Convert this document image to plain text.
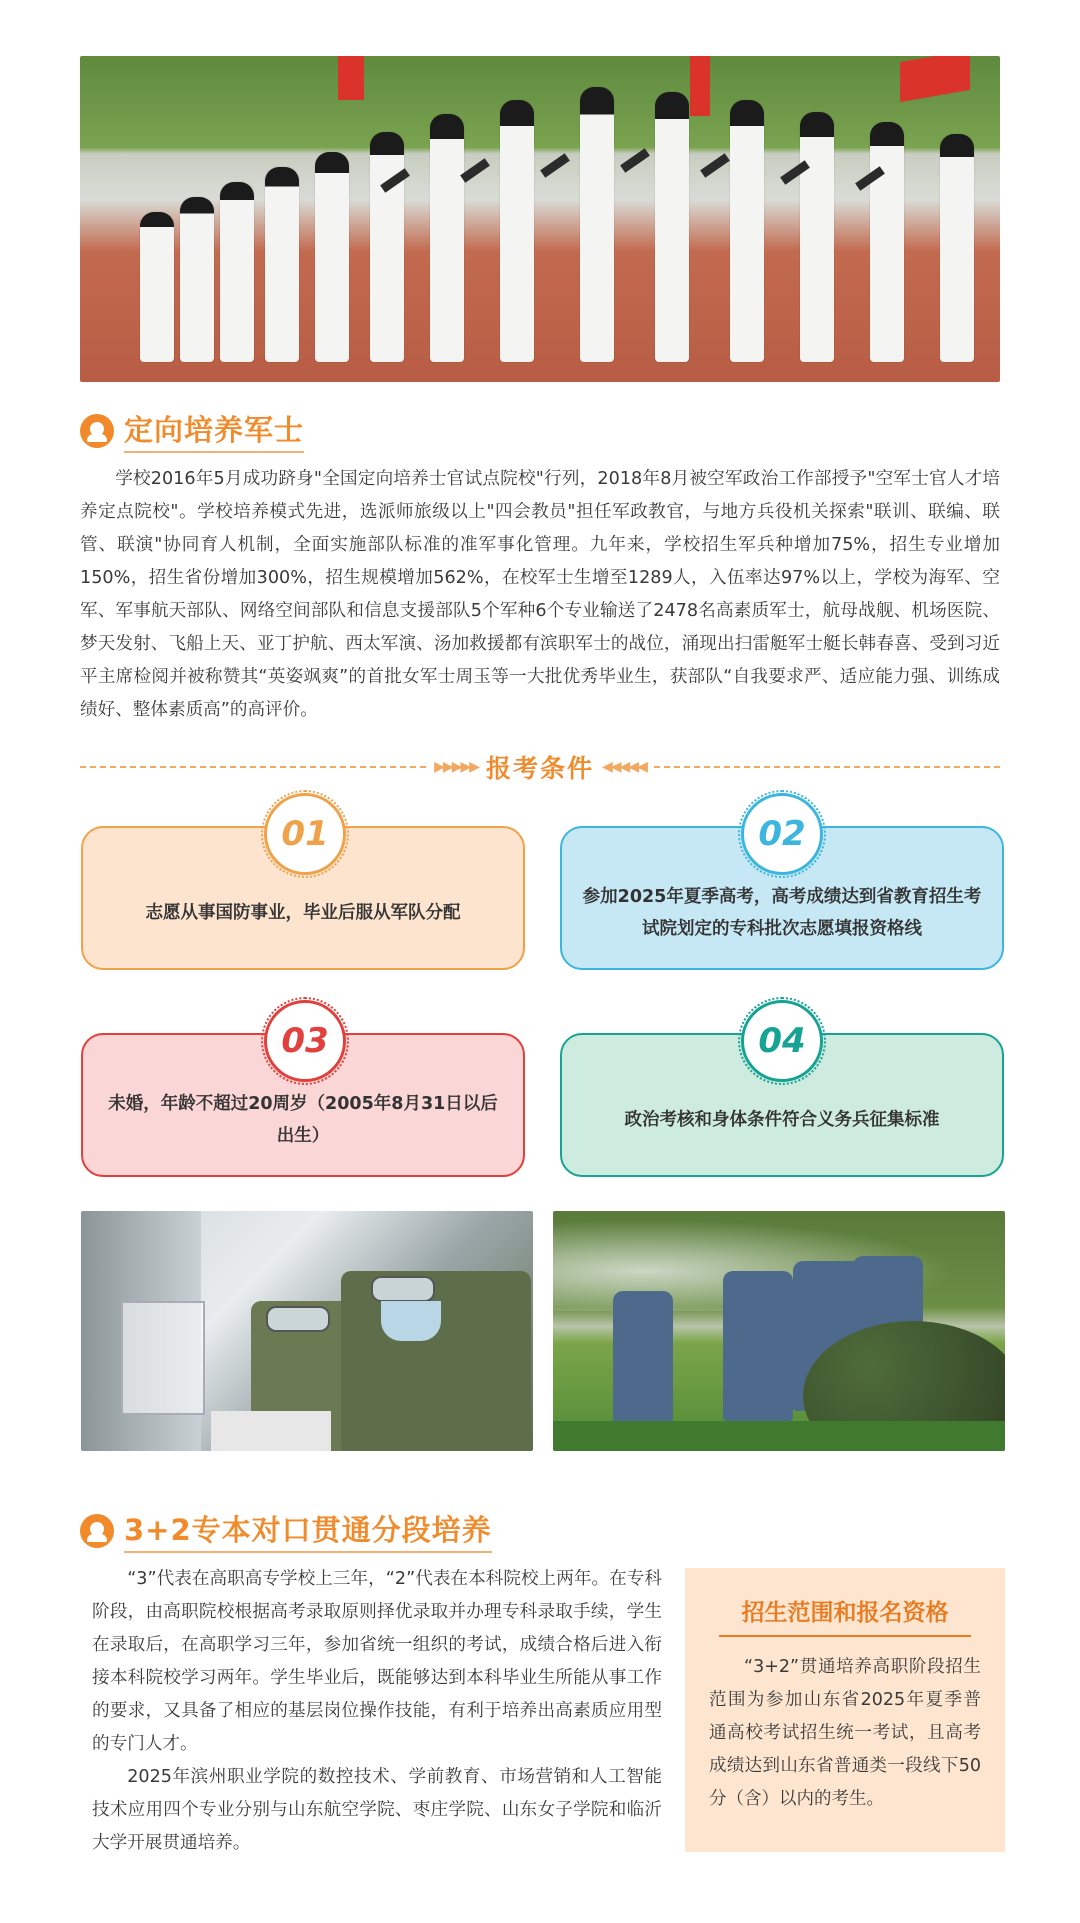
定向培养军士

学校2016年5月成功跻身"全国定向培养士官试点院校"行列，2018年8月被空军政治工作部授予"空军士官人才培养定点院校"。学校培养模式先进，选派师旅级以上"四会教员"担任军政教官，与地方兵役机关探索"联训、联编、联管、联演"协同育人机制，全面实施部队标准的准军事化管理。九年来，学校招生军兵种增加75%，招生专业增加150%，招生省份增加300%，招生规模增加562%，在校军士生增至1289人，入伍率达97%以上，学校为海军、空军、军事航天部队、网络空间部队和信息支援部队5个军种6个专业输送了2478名高素质军士，航母战舰、机场医院、梦天发射、飞船上天、亚丁护航、西太军演、汤加救援都有滨职军士的战位，涌现出扫雷艇军士艇长韩春喜、受到习近平主席检阅并被称赞其“英姿飒爽”的首批女军士周玉等一大批优秀毕业生，获部队“自我要求严、适应能力强、训练成绩好、整体素质高”的高评价。

▶▶▶▶▶ 报考条件 ◀◀◀◀◀
志愿从事国防事业，毕业后服从军队分配
01
参加2025年夏季高考，高考成绩达到省教育招生考试院划定的专科批次志愿填报资格线
02
未婚，年龄不超过20周岁（2005年8月31日以后出生）
03
政治考核和身体条件符合义务兵征集标准
04
3+2专本对口贯通分段培养

“3”代表在高职高专学校上三年，“2”代表在本科院校上两年。在专科阶段，由高职院校根据高考录取原则择优录取并办理专科录取手续，学生在录取后，在高职学习三年，参加省统一组织的考试，成绩合格后进入衔接本科院校学习两年。学生毕业后，既能够达到本科毕业生所能从事工作的要求，又具备了相应的基层岗位操作技能，有利于培养出高素质应用型的专门人才。

2025年滨州职业学院的数控技术、学前教育、市场营销和人工智能技术应用四个专业分别与山东航空学院、枣庄学院、山东女子学院和临沂大学开展贯通培养。

招生范围和报名资格

“3+2”贯通培养高职阶段招生范围为参加山东省2025年夏季普通高校考试招生统一考试，且高考成绩达到山东省普通类一段线下50分（含）以内的考生。
